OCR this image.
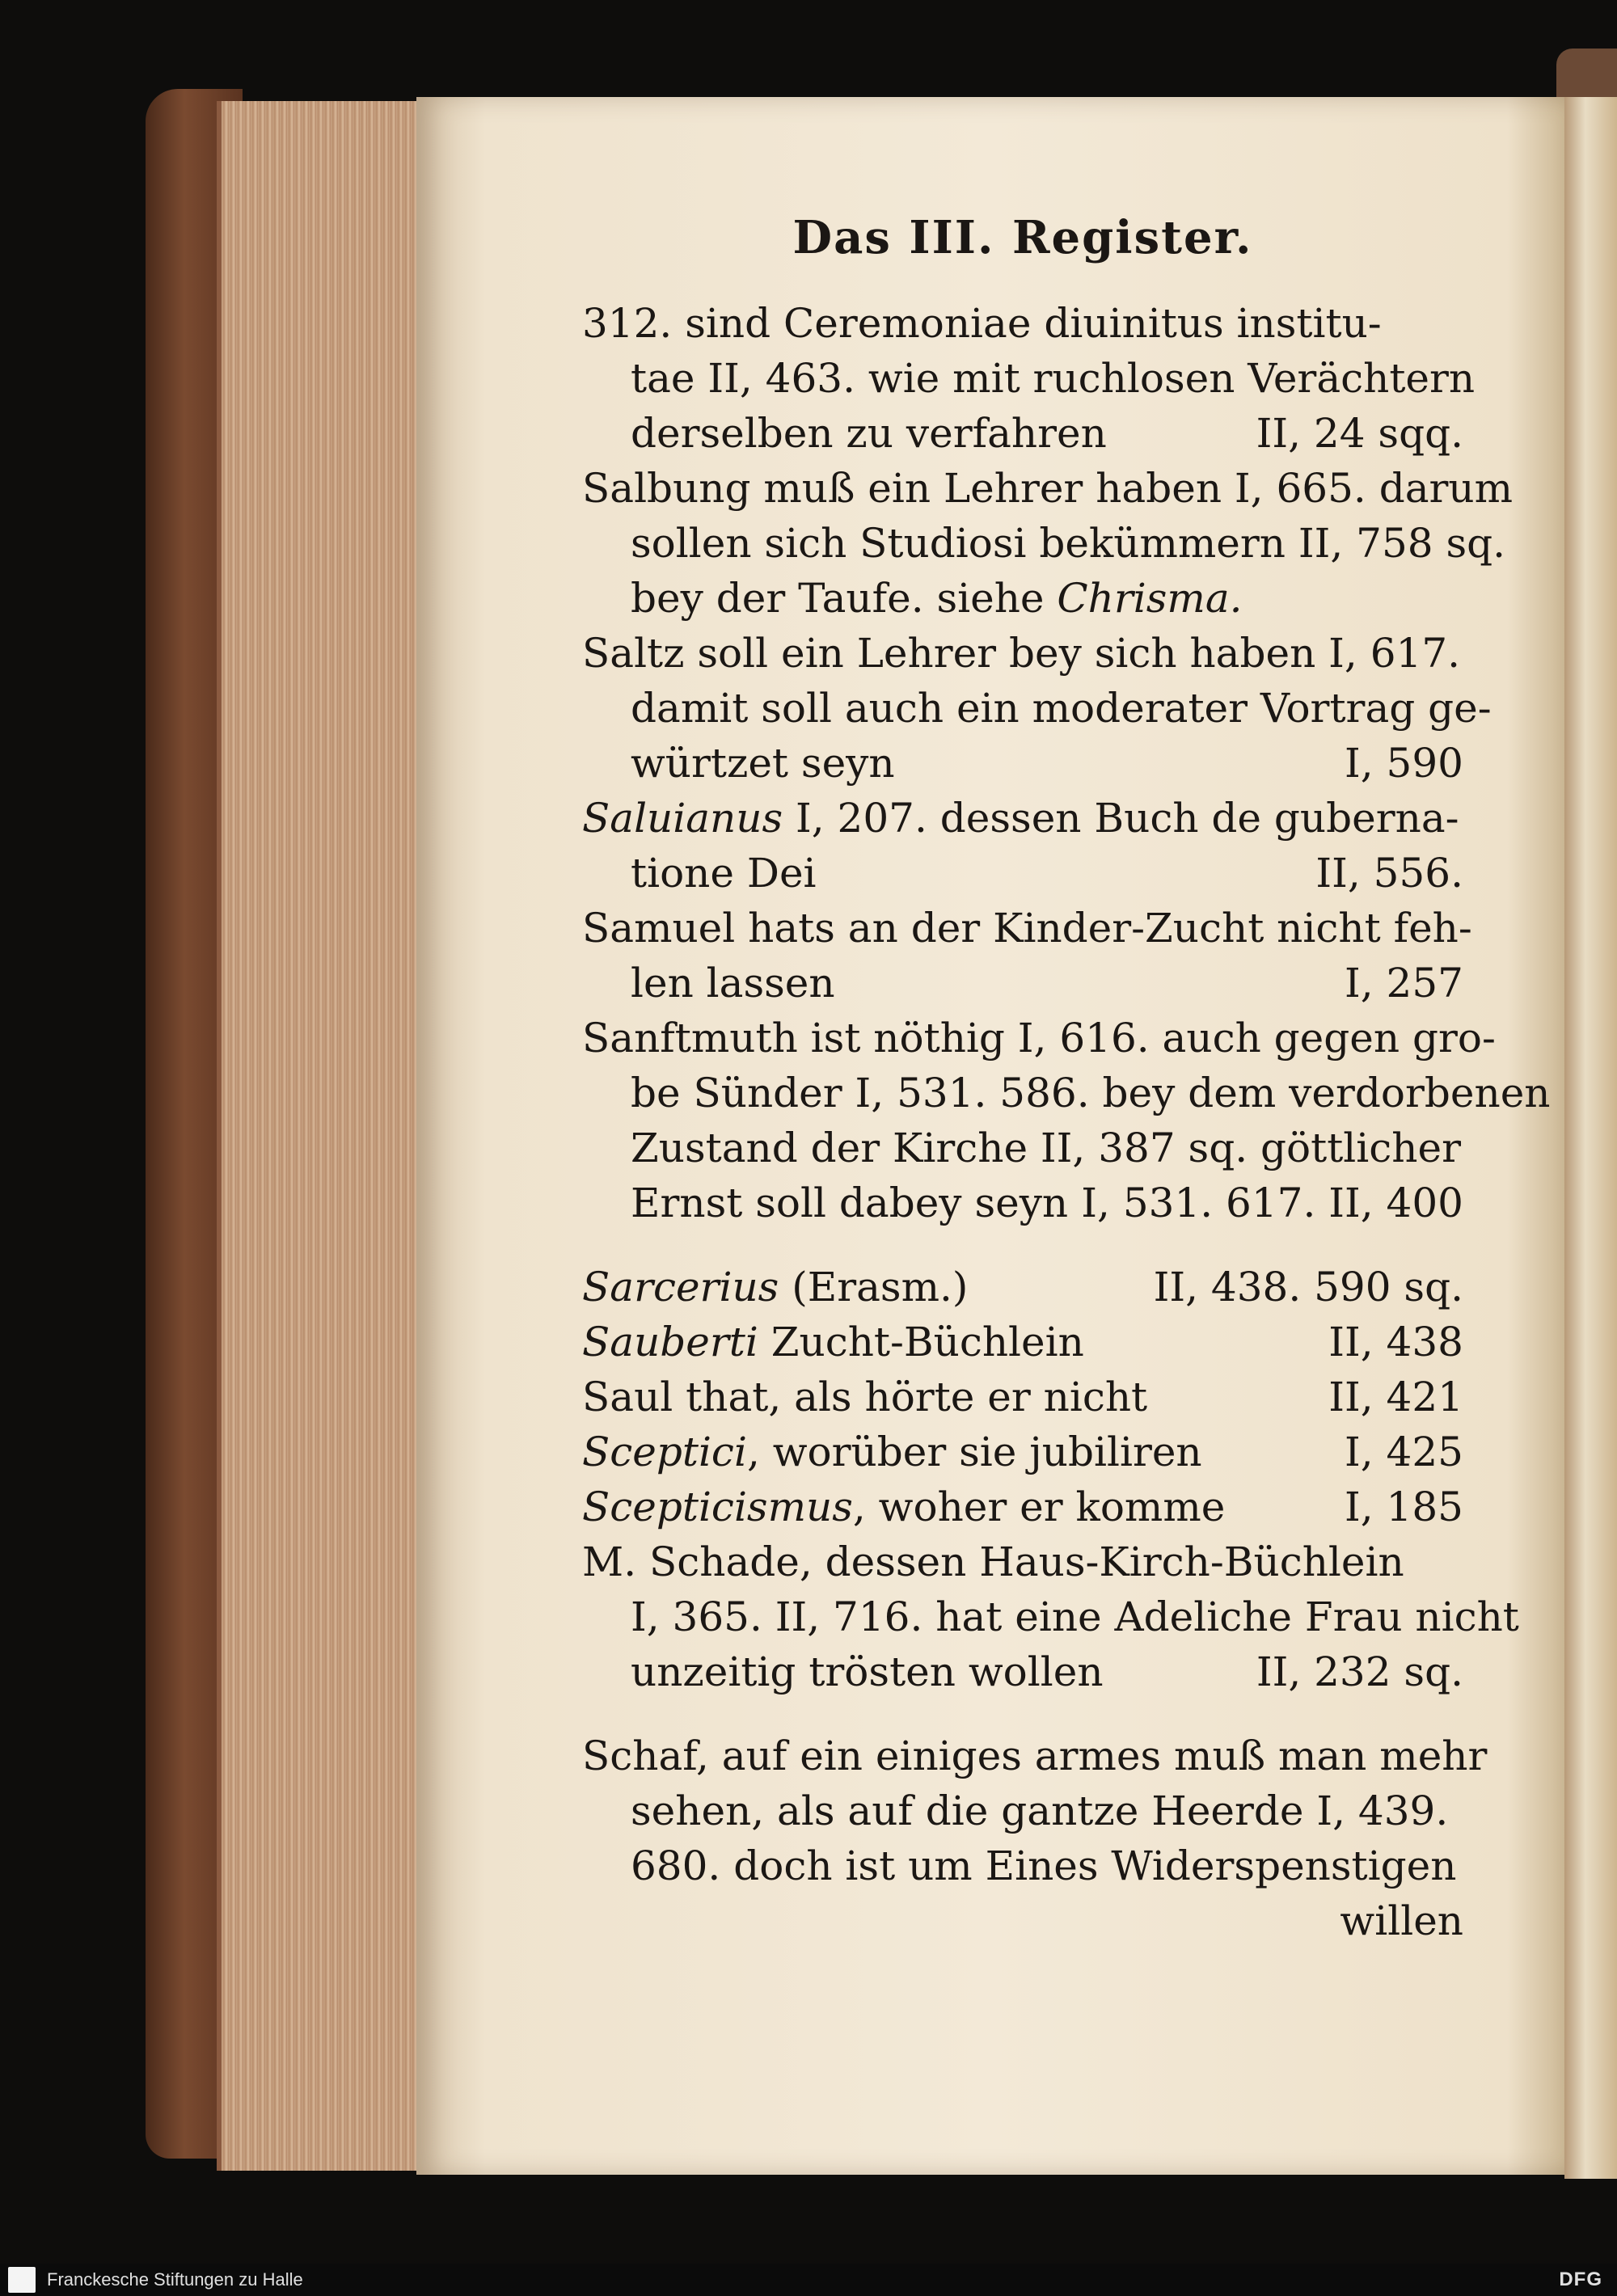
Das III. Register.
312. sind Ceremoniae diuinitus institu-
tae II, 463. wie mit ruchlosen Verächtern
derselben zu verfahren	II, 24 sqq.
Salbung muß ein Lehrer haben I, 665. darum
sollen sich Studiosi bekümmern II, 758 sq.
bey der Taufe. siehe Chrisma.
Saltz soll ein Lehrer bey sich haben I, 617.
damit soll auch ein moderater Vortrag ge-
würtzet seyn	I, 590
Saluianus I, 207. dessen Buch de guberna-
tione Dei	II, 556.
Samuel hats an der Kinder-Zucht nicht feh-
len lassen	I, 257
Sanftmuth ist nöthig I, 616. auch gegen gro-
be Sünder I, 531. 586. bey dem verdorbenen
Zustand der Kirche II, 387 sq. göttlicher
Ernst soll dabey seyn I, 531. 617. II, 400
Sarcerius (Erasm.)	II, 438. 590 sq.
Sauberti Zucht-Büchlein	II, 438
Saul that, als hörte er nicht	II, 421
Sceptici, worüber sie jubiliren	I, 425
Scepticismus, woher er komme	I, 185
M. Schade, dessen Haus-Kirch-Büchlein
I, 365. II, 716. hat eine Adeliche Frau nicht
unzeitig trösten wollen	II, 232 sq.
Schaf, auf ein einiges armes muß man mehr
sehen, als auf die gantze Heerde I, 439.
680. doch ist um Eines Widerspenstigen
willen
Franckesche Stiftungen zu Halle	DFG
